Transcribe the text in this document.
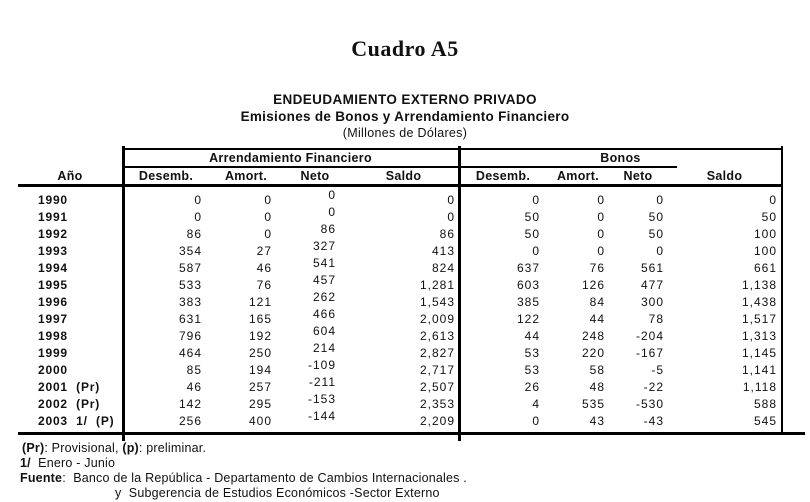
Cuadro A5
ENDEUDAMIENTO EXTERNO PRIVADO
Emisiones de Bonos y Arrendamiento Financiero
(Millones de Dólares)
Arrendamiento Financiero	Bonos
Año	Desemb.	Amort.	Neto	Saldo	Desemb.	Amort.	Neto	Saldo
1990	0	0	0	0	0	0	0	0
1991	0	0	0	0	50	0	50	50
1992	86	0	86	86	50	0	50	100
1993	354	27	327	413	0	0	0	100
1994	587	46	541	824	637	76	561	661
1995	533	76	457	1,281	603	126	477	1,138
1996	383	121	262	1,543	385	84	300	1,438
1997	631	165	466	2,009	122	44	78	1,517
1998	796	192	604	2,613	44	248	-204	1,313
1999	464	250	214	2,827	53	220	-167	1,145
2000	85	194	-109	2,717	53	58	-5	1,141
2001  (Pr)	46	257	-211	2,507	26	48	-22	1,118
2002  (Pr)	142	295	-153	2,353	4	535	-530	588
2003  1/  (P)	256	400	-144	2,209	0	43	-43	545
(Pr): Provisional, (p): preliminar.
1/  Enero - Junio
Fuente:  Banco de la República - Departamento de Cambios Internacionales .
y  Subgerencia de Estudios Económicos -Sector Externo
